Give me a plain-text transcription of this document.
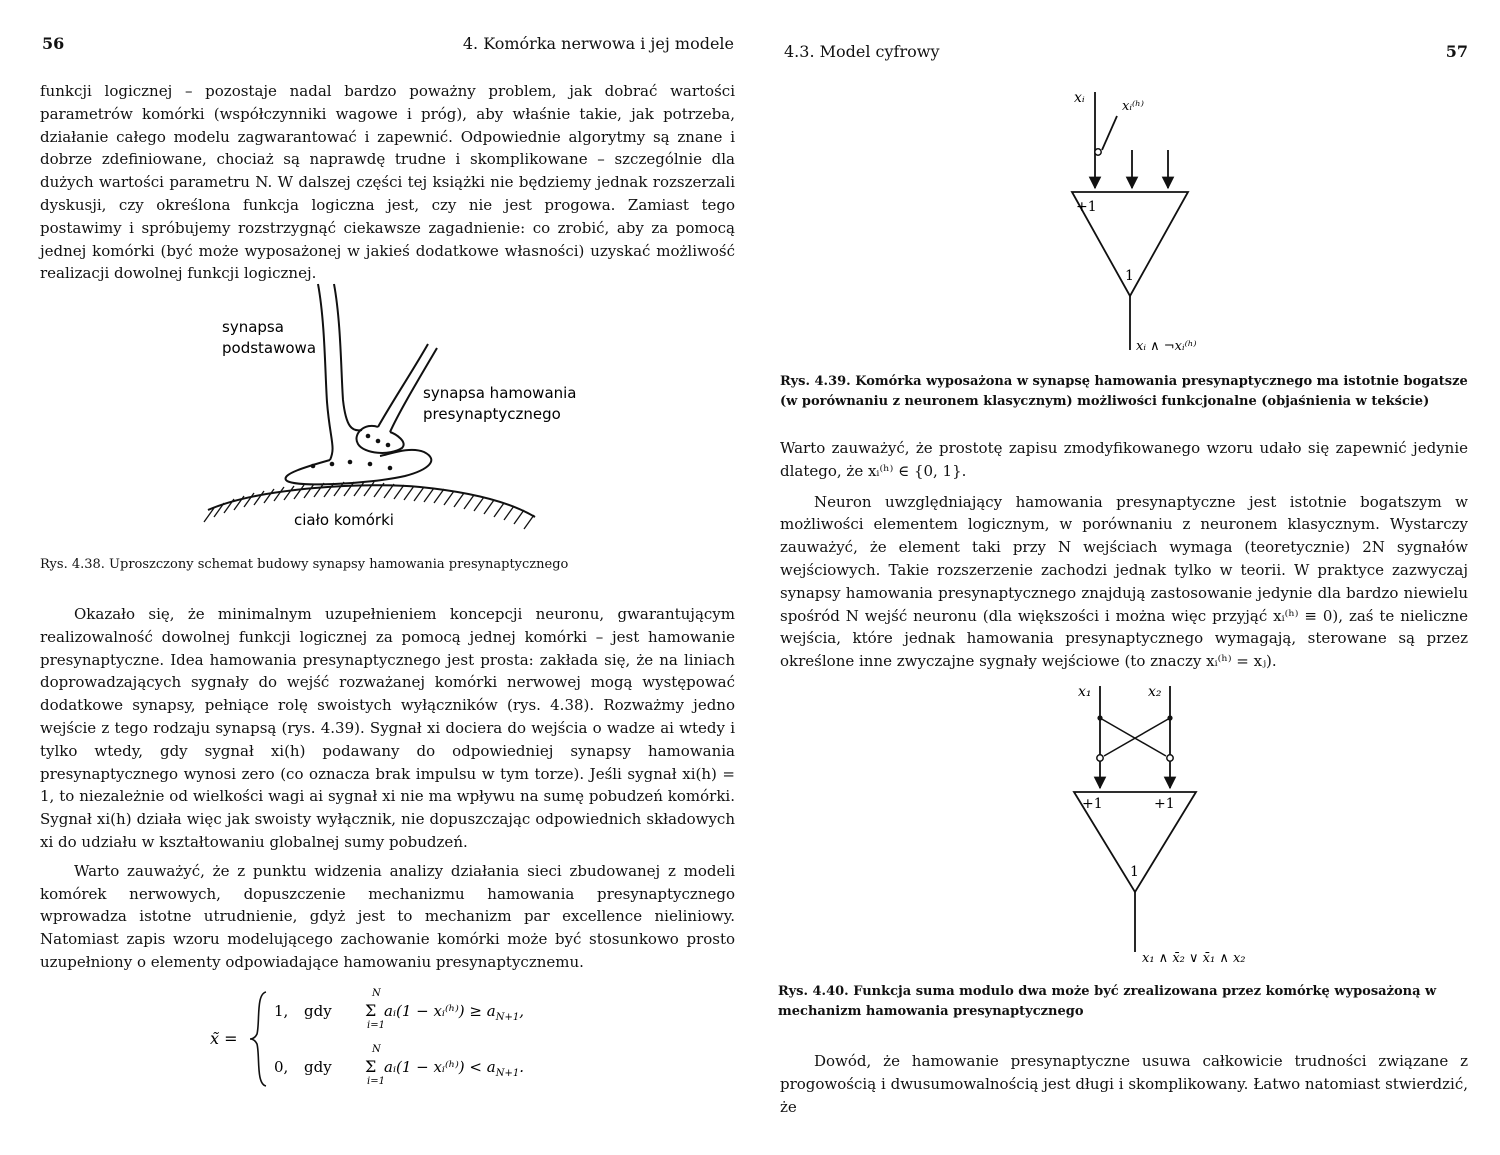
56	4. Komórka nerwowa i jej modele

funkcji logicznej – pozostaje nadal bardzo poważny problem, jak dobrać wartości parametrów komórki (współczynniki wagowe i próg), aby właśnie takie, jak potrzeba, działanie całego modelu zagwarantować i zapewnić. Odpowiednie algorytmy są znane i dobrze zdefiniowane, chociaż są naprawdę trudne i skomplikowane – szczególnie dla dużych wartości parametru N. W dalszej części tej książki nie będziemy jednak rozszerzali dyskusji, czy określona funkcja logiczna jest, czy nie jest progowa. Zamiast tego postawimy i spróbujemy rozstrzygnąć ciekawsze zagadnienie: co zrobić, aby za pomocą jednej komórki (być może wyposażonej w jakieś dodatkowe własności) uzyskać możliwość realizacji dowolnej funkcji logicznej.

synapsa
podstawowa
synapsa hamowania
presynaptycznego
ciało komórki
Rys. 4.38. Uproszczony schemat budowy synapsy hamowania presynaptycznego

Okazało się, że minimalnym uzupełnieniem koncepcji neuronu, gwarantującym realizowalność dowolnej funkcji logicznej za pomocą jednej komórki – jest hamowanie presynaptyczne. Idea hamowania presynaptycznego jest prosta: zakłada się, że na liniach doprowadzających sygnały do wejść rozważanej komórki nerwowej mogą występować dodatkowe synapsy, pełniące rolę swoistych wyłączników (rys. 4.38). Rozważmy jedno wejście z tego rodzaju synapsą (rys. 4.39). Sygnał xi dociera do wejścia o wadze ai wtedy i tylko wtedy, gdy sygnał xi(h) podawany do odpowiedniej synapsy hamowania presynaptycznego wynosi zero (co oznacza brak impulsu w tym torze). Jeśli sygnał xi(h) = 1, to niezależnie od wielkości wagi ai sygnał xi nie ma wpływu na sumę pobudzeń komórki. Sygnał xi(h) działa więc jak swoisty wyłącznik, nie dopuszczając odpowiednich składowych xi do udziału w kształtowaniu globalnej sumy pobudzeń.

Warto zauważyć, że z punktu widzenia analizy działania sieci zbudowanej z modeli komórek nerwowych, dopuszczenie mechanizmu hamowania presynaptycznego wprowadza istotne utrudnienie, gdyż jest to mechanizm par excellence nieliniowy. Natomiast zapis wzoru modelującego zachowanie komórki może być stosunkowo prosto uzupełniony o elementy odpowiadające hamowaniu presynaptycznemu.

x̃ =
1, gdy
N
Σ
i=1
aᵢ(1 − xᵢ⁽ʰ⁾) ≥ $a_{N+1}$,
0, gdy
N
Σ
i=1
aᵢ(1 − xᵢ⁽ʰ⁾) < $a_{N+1}$.
4.3. Model cyfrowy	57
xᵢ
xᵢ⁽ʰ⁾
+1
1
xᵢ ∧ ¬xᵢ⁽ʰ⁾
Rys. 4.39. Komórka wyposażona w synapsę hamowania presynaptycznego ma istotnie bogatsze (w porównaniu z neuronem klasycznym) możliwości funkcjonalne (objaśnienia w tekście)

Warto zauważyć, że prostotę zapisu zmodyfikowanego wzoru udało się zapewnić jedynie dlatego, że xᵢ⁽ʰ⁾ ∈ {0, 1}.

Neuron uwzględniający hamowania presynaptyczne jest istotnie bogatszym w możliwości elementem logicznym, w porównaniu z neuronem klasycznym. Wystarczy zauważyć, że element taki przy N wejściach wymaga (teoretycznie) 2N sygnałów wejściowych. Takie rozszerzenie zachodzi jednak tylko w teorii. W praktyce zazwyczaj synapsy hamowania presynaptycznego znajdują zastosowanie jedynie dla bardzo niewielu spośród N wejść neuronu (dla większości i można więc przyjąć xᵢ⁽ʰ⁾ ≡ 0), zaś te nieliczne wejścia, które jednak hamowania presynaptycznego wymagają, sterowane są przez określone inne zwyczajne sygnały wejściowe (to znaczy xᵢ⁽ʰ⁾ = xⱼ).

x₁	x₂
+1	+1
1
x₁ ∧ x̄₂ ∨ x̄₁ ∧ x₂
Rys. 4.40. Funkcja suma modulo dwa może być zrealizowana przez komórkę wyposażoną w mechanizm hamowania presynaptycznego

Dowód, że hamowanie presynaptyczne usuwa całkowicie trudności związane z progowością i dwusumowalnością jest długi i skomplikowany. Łatwo natomiast stwierdzić, że
